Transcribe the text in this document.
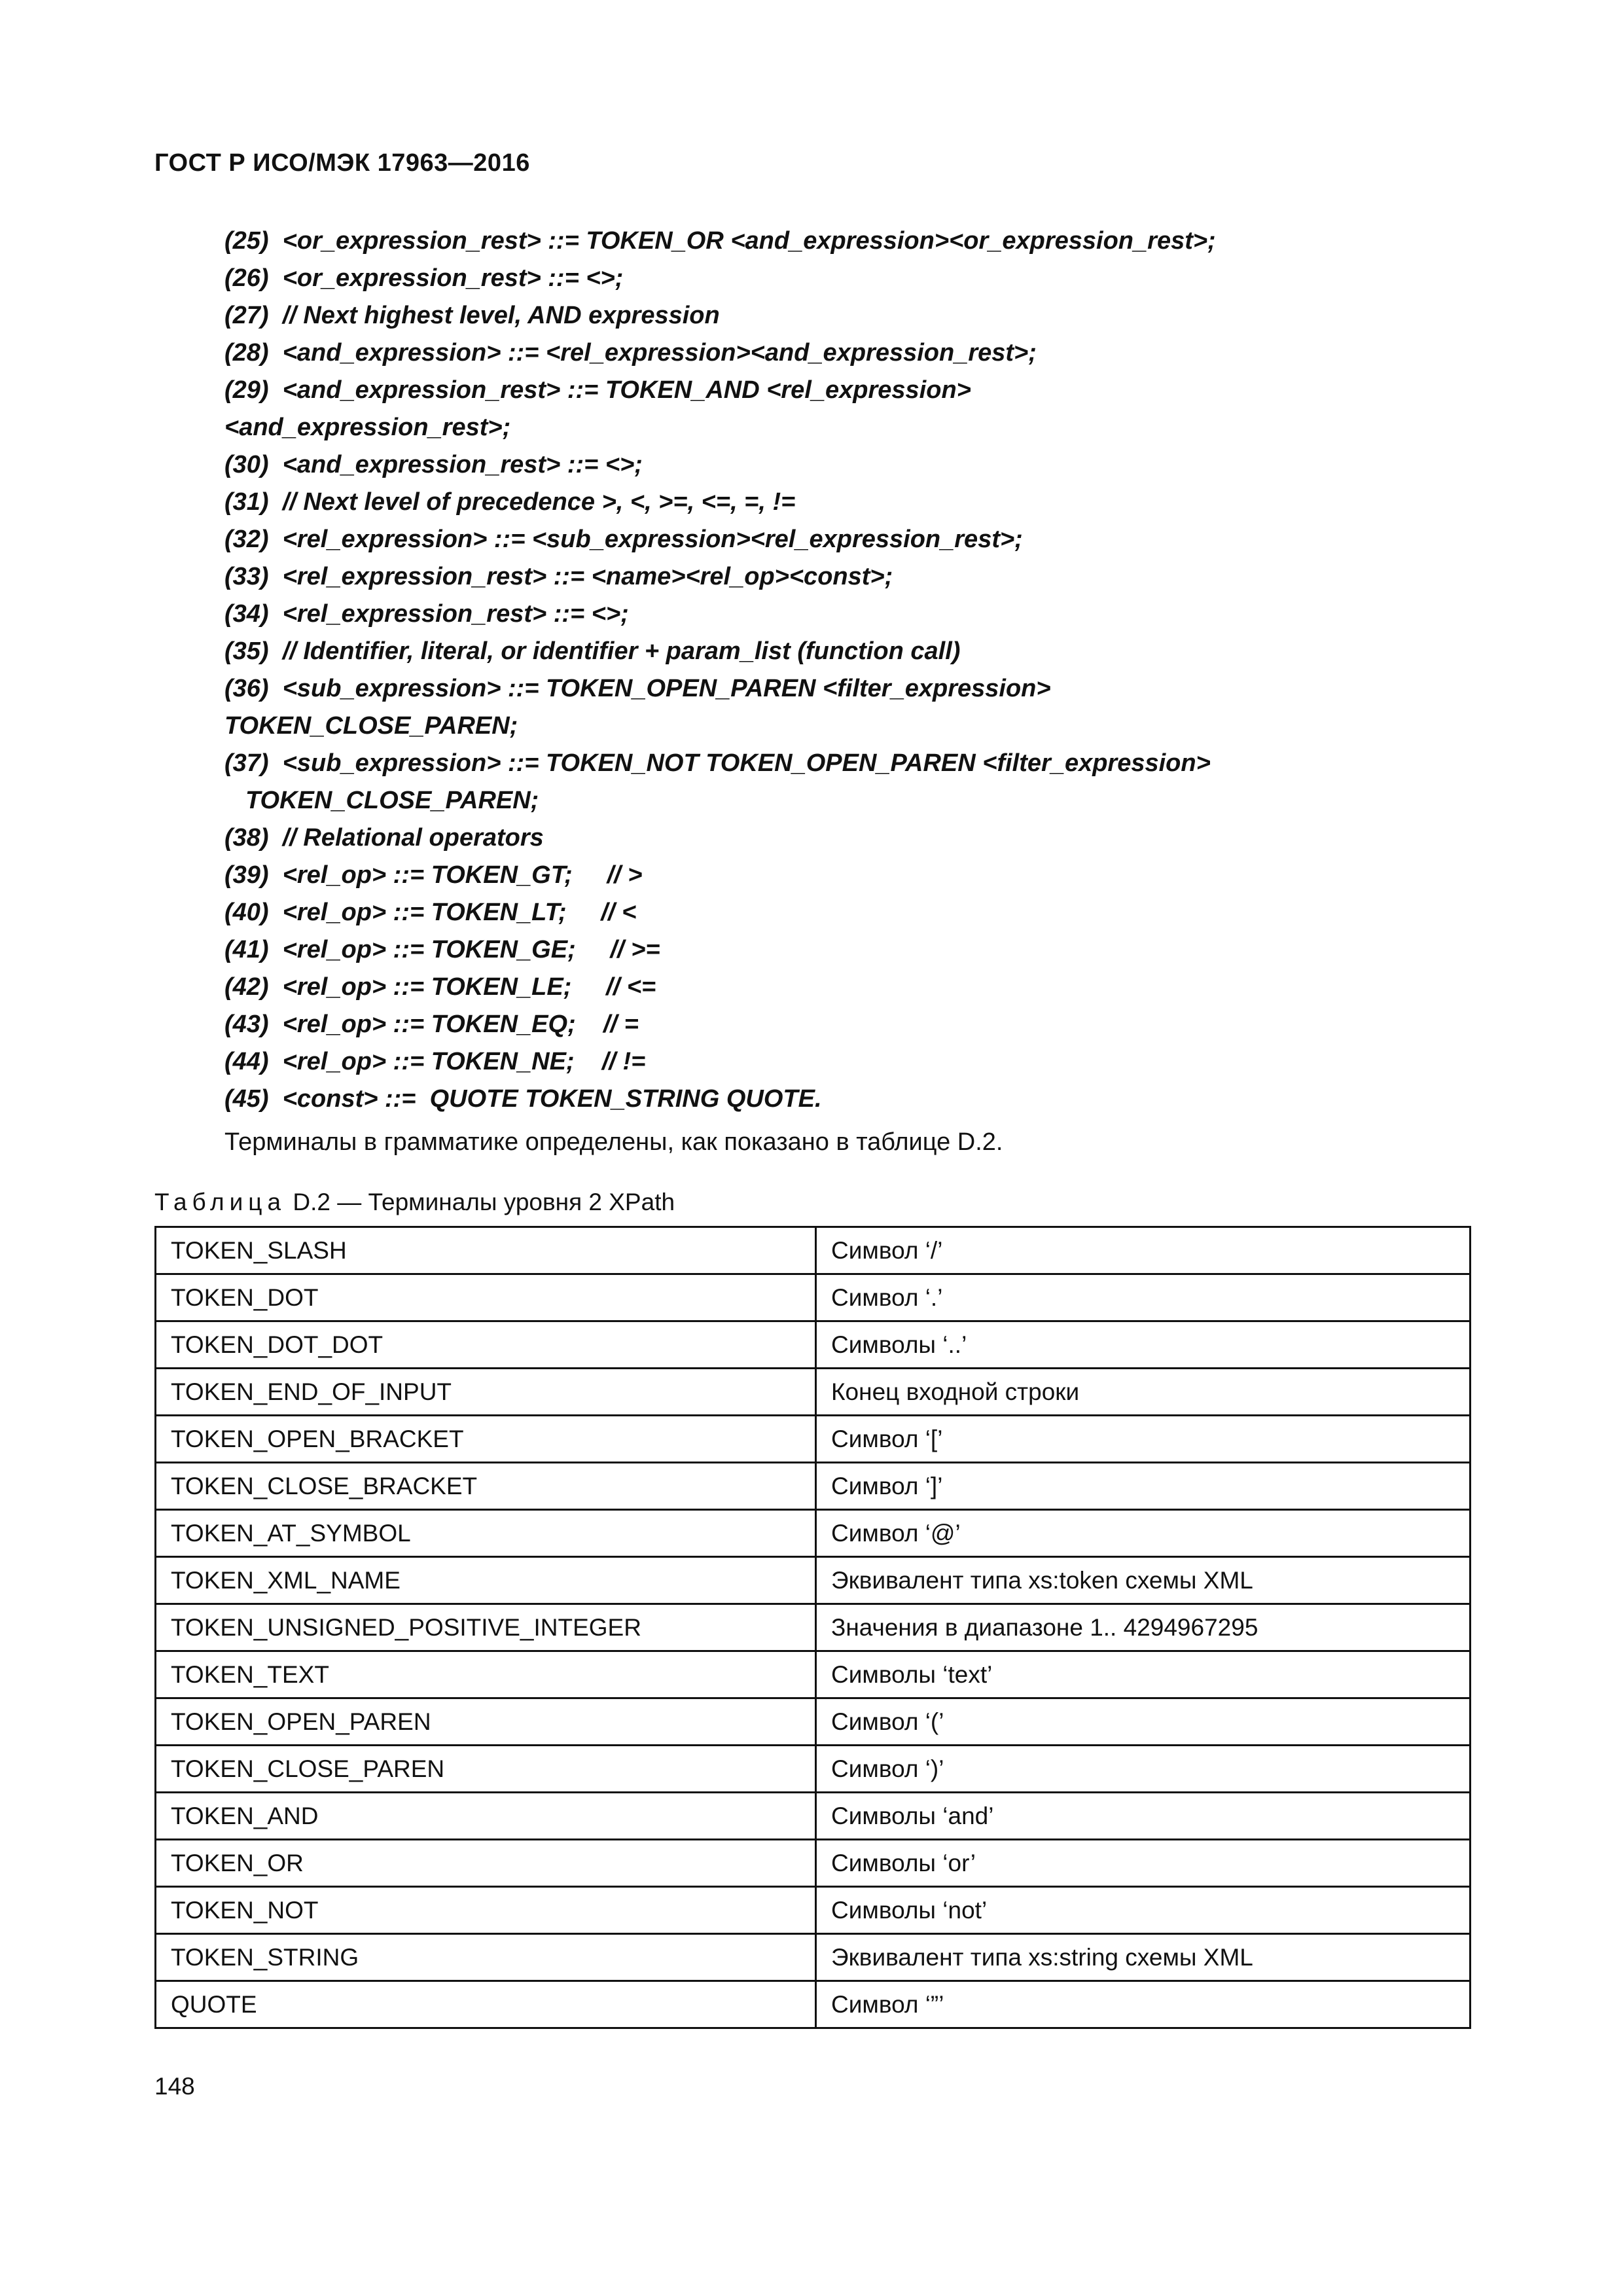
ГОСТ Р ИСО/МЭК 17963—2016
(25)  <or_expression_rest> ::= TOKEN_OR <and_expression><or_expression_rest>;
(26)  <or_expression_rest> ::= <>;
(27)  // Next highest level, AND expression
(28)  <and_expression> ::= <rel_expression><and_expression_rest>;
(29)  <and_expression_rest> ::= TOKEN_AND <rel_expression>
<and_expression_rest>;
(30)  <and_expression_rest> ::= <>;
(31)  // Next level of precedence >, <, >=, <=, =, !=
(32)  <rel_expression> ::= <sub_expression><rel_expression_rest>;
(33)  <rel_expression_rest> ::= <name><rel_op><const>;
(34)  <rel_expression_rest> ::= <>;
(35)  // Identifier, literal, or identifier + param_list (function call)
(36)  <sub_expression> ::= TOKEN_OPEN_PAREN <filter_expression>
TOKEN_CLOSE_PAREN;
(37)  <sub_expression> ::= TOKEN_NOT TOKEN_OPEN_PAREN <filter_expression>
TOKEN_CLOSE_PAREN;
(38)  // Relational operators
(39)  <rel_op> ::= TOKEN_GT;     // >
(40)  <rel_op> ::= TOKEN_LT;     // <
(41)  <rel_op> ::= TOKEN_GE;     // >=
(42)  <rel_op> ::= TOKEN_LE;     // <=
(43)  <rel_op> ::= TOKEN_EQ;    // =
(44)  <rel_op> ::= TOKEN_NE;    // !=
(45)  <const> ::=  QUOTE TOKEN_STRING QUOTE.
Терминалы в грамматике определены, как показано в таблице D.2.
Таблица D.2 — Терминалы уровня 2 XPath
TOKEN_SLASH	Символ ‘/’
TOKEN_DOT	Символ ‘.’
TOKEN_DOT_DOT	Символы ‘..’
TOKEN_END_OF_INPUT	Конец входной строки
TOKEN_OPEN_BRACKET	Символ ‘[’
TOKEN_CLOSE_BRACKET	Символ ‘]’
TOKEN_AT_SYMBOL	Символ ‘@’
TOKEN_XML_NAME	Эквивалент типа xs:token схемы XML
TOKEN_UNSIGNED_POSITIVE_INTEGER	Значения в диапазоне 1.. 4294967295
TOKEN_TEXT	Символы ‘text’
TOKEN_OPEN_PAREN	Символ ‘(’
TOKEN_CLOSE_PAREN	Символ ‘)’
TOKEN_AND	Символы ‘and’
TOKEN_OR	Символы ‘or’
TOKEN_NOT	Символы ‘not’
TOKEN_STRING	Эквивалент типа xs:string схемы XML
QUOTE	Символ ‘”’
148
